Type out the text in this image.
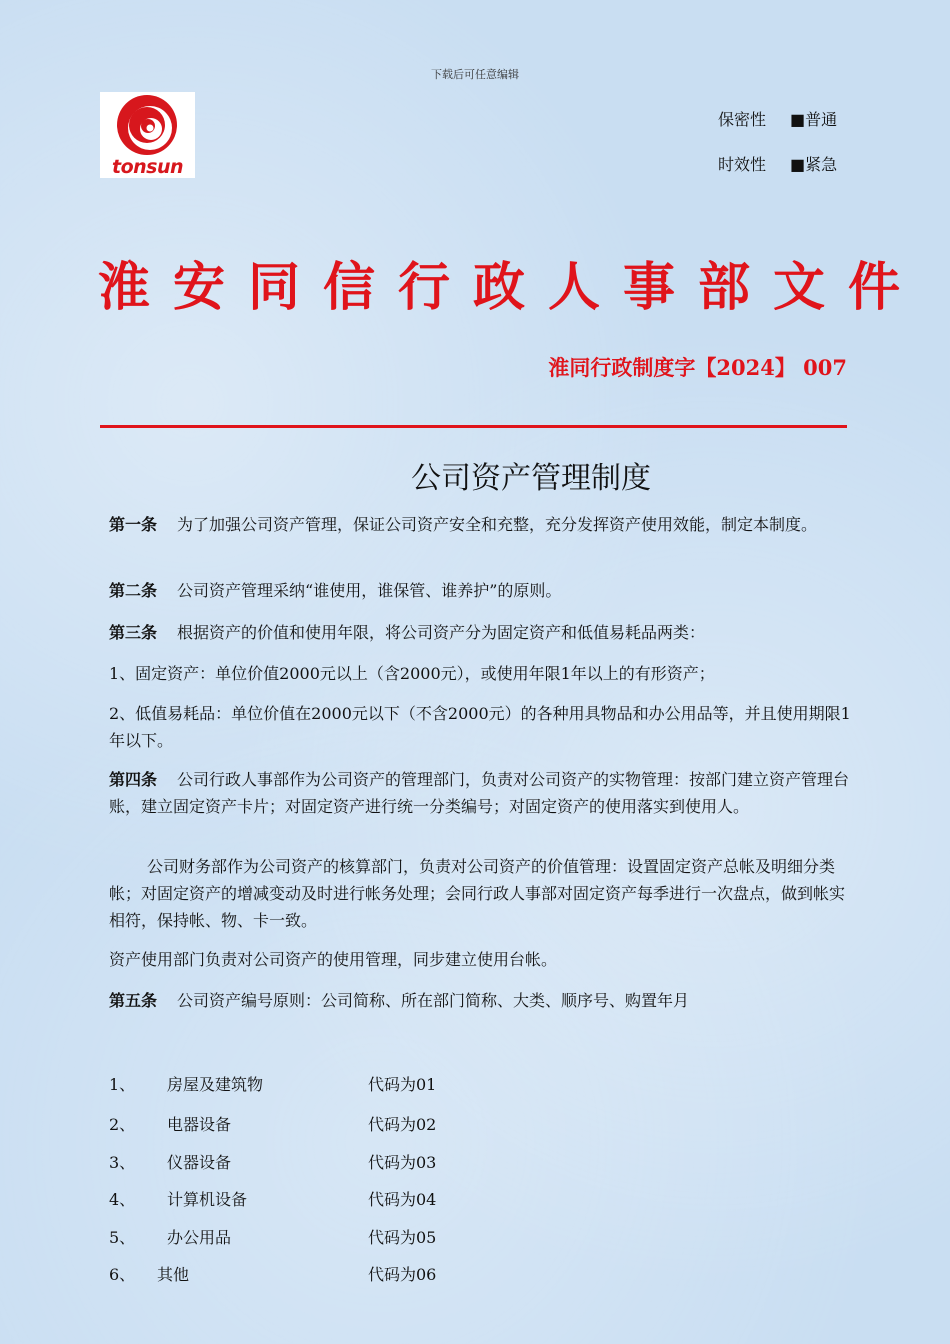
下载后可任意编辑
tonsun
保密性 ■普通
时效性 ■紧急
淮安同信行政人事部文件
淮同行政制度字【2024】 007
公司资产管理制度
第一条 为了加强公司资产管理，保证公司资产安全和充整，充分发挥资产使用效能，制定本制度。
第二条 公司资产管理采纳“谁使用，谁保管、谁养护”的原则。
第三条 根据资产的价值和使用年限，将公司资产分为固定资产和低值易耗品两类：
1、固定资产：单位价值2000元以上（含2000元），或使用年限1年以上的有形资产；
2、低值易耗品：单位价值在2000元以下（不含2000元）的各种用具物品和办公用品等，并且使用期限1年以下。
第四条 公司行政人事部作为公司资产的管理部门，负责对公司资产的实物管理：按部门建立资产管理台账，建立固定资产卡片；对固定资产进行统一分类编号；对固定资产的使用落实到使用人。
公司财务部作为公司资产的核算部门，负责对公司资产的价值管理：设置固定资产总帐及明细分类帐；对固定资产的增减变动及时进行帐务处理；会同行政人事部对固定资产每季进行一次盘点，做到帐实相符，保持帐、物、卡一致。
资产使用部门负责对公司资产的使用管理，同步建立使用台帐。
第五条 公司资产编号原则：公司简称、所在部门简称、大类、顺序号、购置年月
1、 房屋及建筑物	代码为01
2、 电器设备	代码为02
3、 仪器设备	代码为03
4、 计算机设备	代码为04
5、 办公用品	代码为05
6、 其他	代码为06
